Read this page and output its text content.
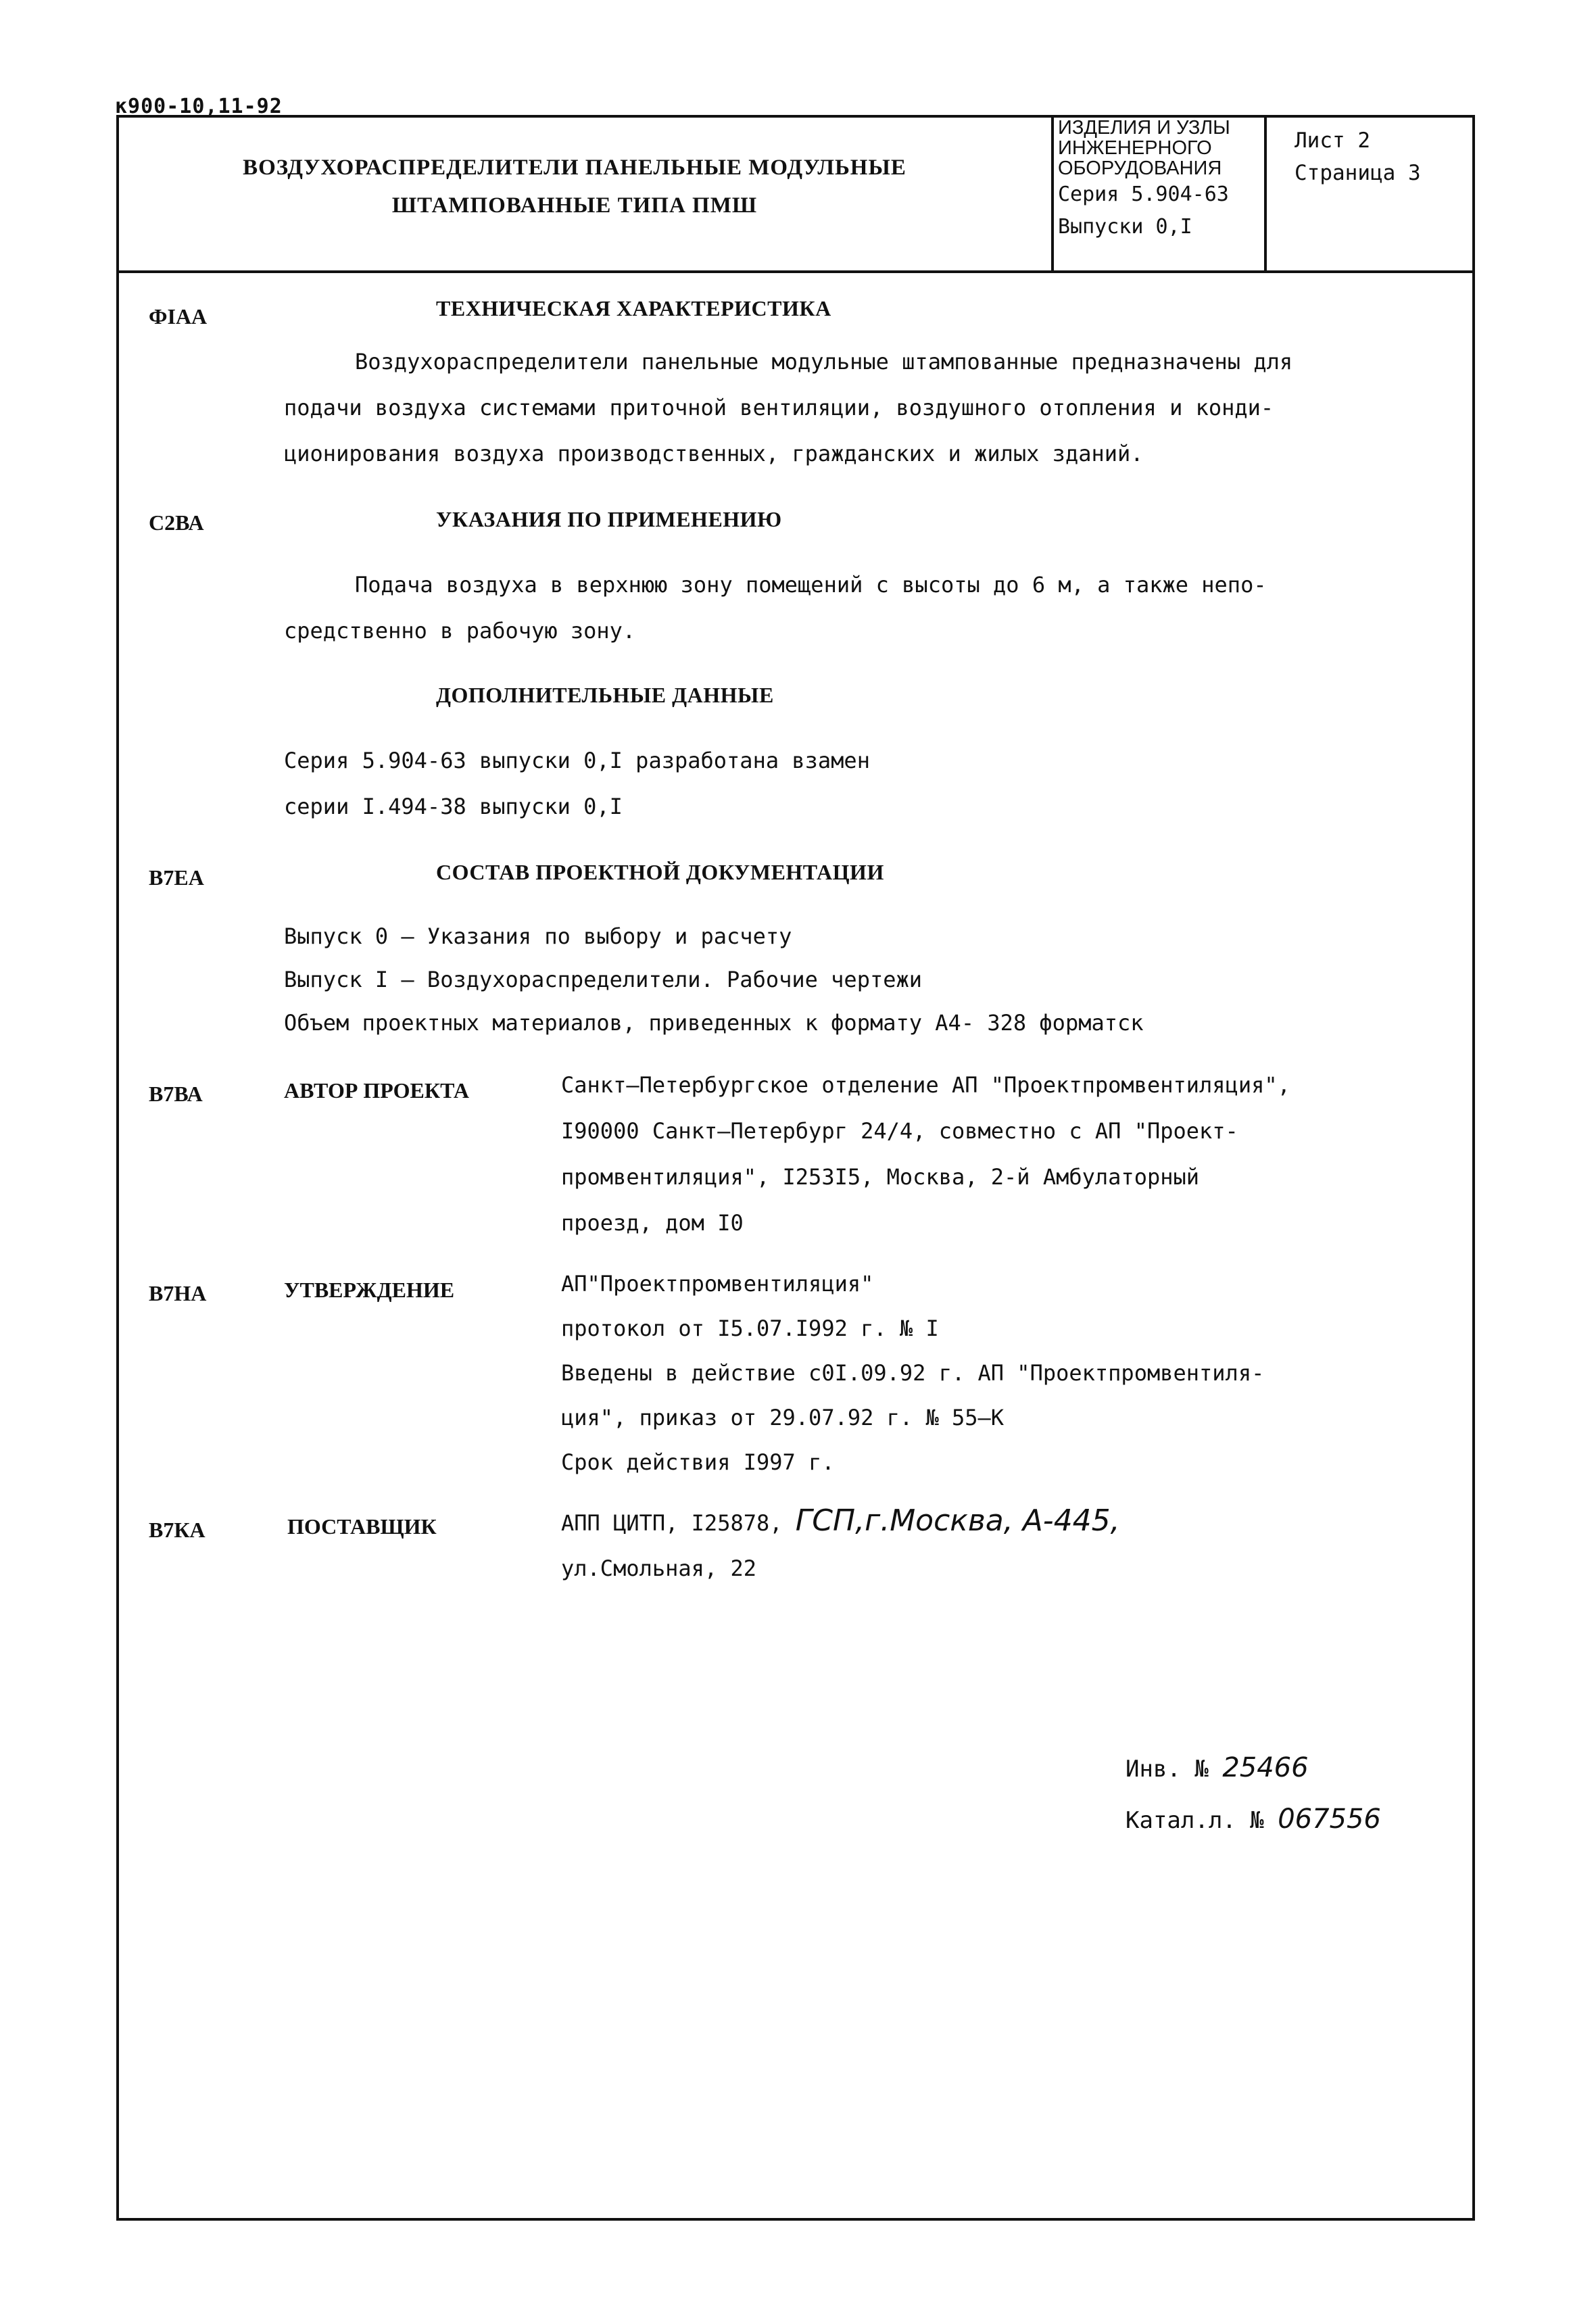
к900-10,11-92
ВОЗДУХОРАСПРЕДЕЛИТЕЛИ ПАНЕЛЬНЫЕ МОДУЛЬНЫЕ
ШТАМПОВАННЫЕ ТИПА ПМШ
ИЗДЕЛИЯ И УЗЛЫ
ИНЖЕНЕРНОГО
ОБОРУДОВАНИЯ
Серия 5.904-63
Выпуски 0,I
Лист 2
Страница 3
ФIАА	ТЕХНИЧЕСКАЯ ХАРАКТЕРИСТИКА
Воздухораспределители панельные модульные штампованные предназначены для
подачи воздуха системами приточной вентиляции, воздушного отопления и конди-
ционирования воздуха производственных, гражданских и жилых зданий.
С2ВА	УКАЗАНИЯ ПО ПРИМЕНЕНИЮ
Подача воздуха в верхнюю зону помещений с высоты до 6 м, а также непо-
средственно в рабочую зону.
ДОПОЛНИТЕЛЬНЫЕ ДАННЫЕ
Серия 5.904-63 выпуски 0,I разработана взамен
серии I.494-38 выпуски 0,I
В7ЕА	СОСТАВ ПРОЕКТНОЙ ДОКУМЕНТАЦИИ
Выпуск 0 – Указания по выбору и расчету
Выпуск I – Воздухораспределители. Рабочие чертежи
Объем проектных материалов, приведенных к формату А4- 328 форматск
В7ВА	АВТОР ПРОЕКТА	Санкт–Петербургское отделение АП "Проектпромвентиляция",
I90000 Санкт–Петербург 24/4, совместно с АП "Проект-
промвентиляция", I253I5, Москва, 2-й Амбулаторный
проезд, дом I0
В7НА	УТВЕРЖДЕНИЕ	АП"Проектпромвентиляция"
протокол от I5.07.I992 г. № I
Введены в действие с0I.09.92 г. АП "Проектпромвентиля-
ция", приказ от 29.07.92 г. № 55–К
Срок действия I997 г.
В7КА	ПОСТАВЩИК	АПП ЦИТП, I25878, ГСП,г.Москва, А-445,
ул.Смольная, 22
Инв. № 25466
Катал.л. № 067556
